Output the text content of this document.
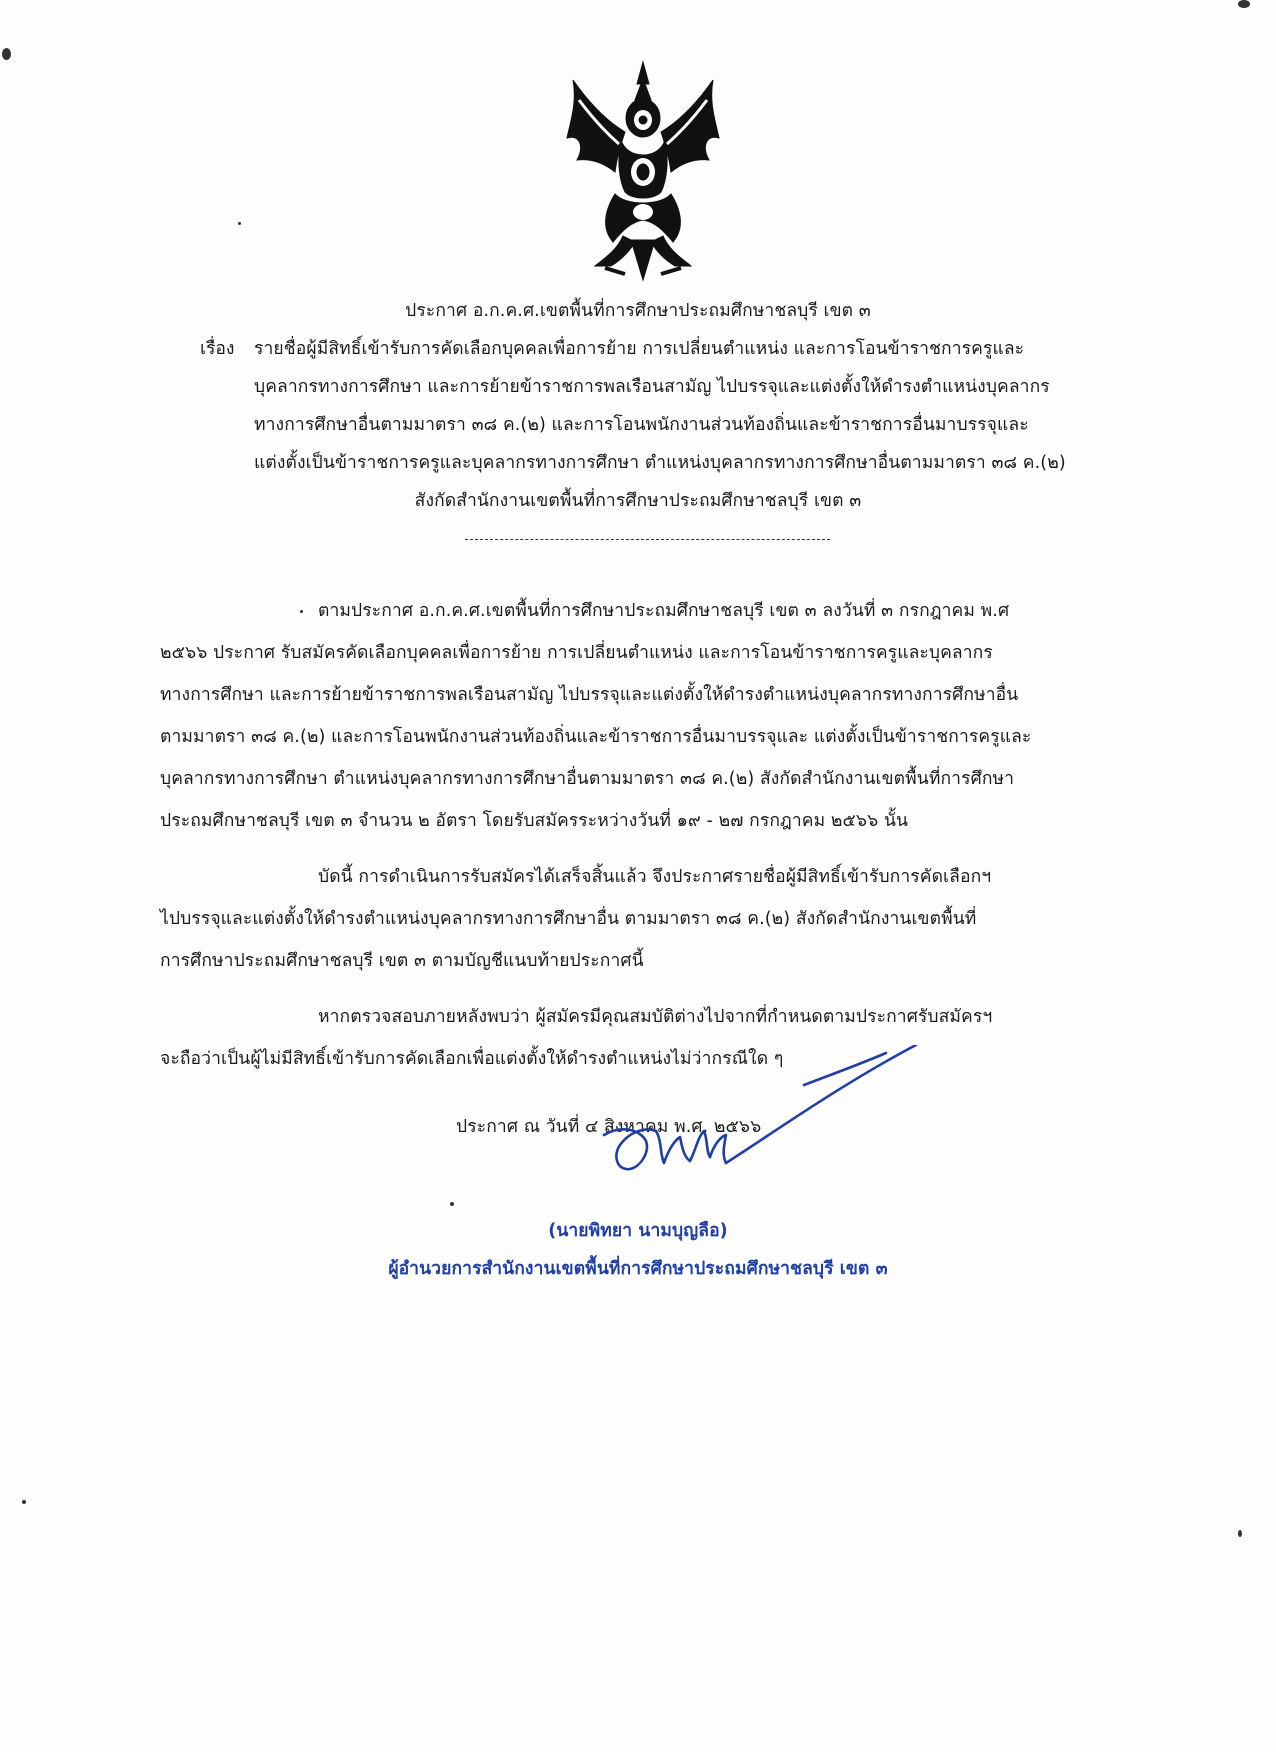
ประกาศ อ.ก.ค.ศ.เขตพื้นที่การศึกษาประถมศึกษาชลบุรี เขต ๓
เรื่อง รายชื่อผู้มีสิทธิ์เข้ารับการคัดเลือกบุคคลเพื่อการย้าย การเปลี่ยนตำแหน่ง และการโอนข้าราชการครูและ
บุคลากรทางการศึกษา และการย้ายข้าราชการพลเรือนสามัญ ไปบรรจุและแต่งตั้งให้ดำรงตำแหน่งบุคลากร
ทางการศึกษาอื่นตามมาตรา ๓๘ ค.(๒) และการโอนพนักงานส่วนท้องถิ่นและข้าราชการอื่นมาบรรจุและ
แต่งตั้งเป็นข้าราชการครูและบุคลากรทางการศึกษา ตำแหน่งบุคลากรทางการศึกษาอื่นตามมาตรา ๓๘ ค.(๒)
สังกัดสำนักงานเขตพื้นที่การศึกษาประถมศึกษาชลบุรี เขต ๓
ตามประกาศ อ.ก.ค.ศ.เขตพื้นที่การศึกษาประถมศึกษาชลบุรี เขต ๓ ลงวันที่ ๓ กรกฎาคม พ.ศ
๒๕๖๖ ประกาศ รับสมัครคัดเลือกบุคคลเพื่อการย้าย การเปลี่ยนตำแหน่ง และการโอนข้าราชการครูและบุคลากร
ทางการศึกษา และการย้ายข้าราชการพลเรือนสามัญ ไปบรรจุและแต่งตั้งให้ดำรงตำแหน่งบุคลากรทางการศึกษาอื่น
ตามมาตรา ๓๘ ค.(๒) และการโอนพนักงานส่วนท้องถิ่นและข้าราชการอื่นมาบรรจุและ แต่งตั้งเป็นข้าราชการครูและ
บุคลากรทางการศึกษา ตำแหน่งบุคลากรทางการศึกษาอื่นตามมาตรา ๓๘ ค.(๒) สังกัดสำนักงานเขตพื้นที่การศึกษา
ประถมศึกษาชลบุรี เขต ๓ จำนวน ๒ อัตรา โดยรับสมัครระหว่างวันที่ ๑๙ - ๒๗ กรกฎาคม ๒๕๖๖ นั้น
บัดนี้ การดำเนินการรับสมัครได้เสร็จสิ้นแล้ว จึงประกาศรายชื่อผู้มีสิทธิ์เข้ารับการคัดเลือกฯ
ไปบรรจุและแต่งตั้งให้ดำรงตำแหน่งบุคลากรทางการศึกษาอื่น ตามมาตรา ๓๘ ค.(๒) สังกัดสำนักงานเขตพื้นที่
การศึกษาประถมศึกษาชลบุรี เขต ๓ ตามบัญชีแนบท้ายประกาศนี้
หากตรวจสอบภายหลังพบว่า ผู้สมัครมีคุณสมบัติต่างไปจากที่กำหนดตามประกาศรับสมัครฯ
จะถือว่าเป็นผู้ไม่มีสิทธิ์เข้ารับการคัดเลือกเพื่อแต่งตั้งให้ดำรงตำแหน่งไม่ว่ากรณีใด ๆ
ประกาศ ณ วันที่ ๔ สิงหาคม พ.ศ. ๒๕๖๖
(นายพิทยา นามบุญลือ)
ผู้อำนวยการสำนักงานเขตพื้นที่การศึกษาประถมศึกษาชลบุรี เขต ๓
